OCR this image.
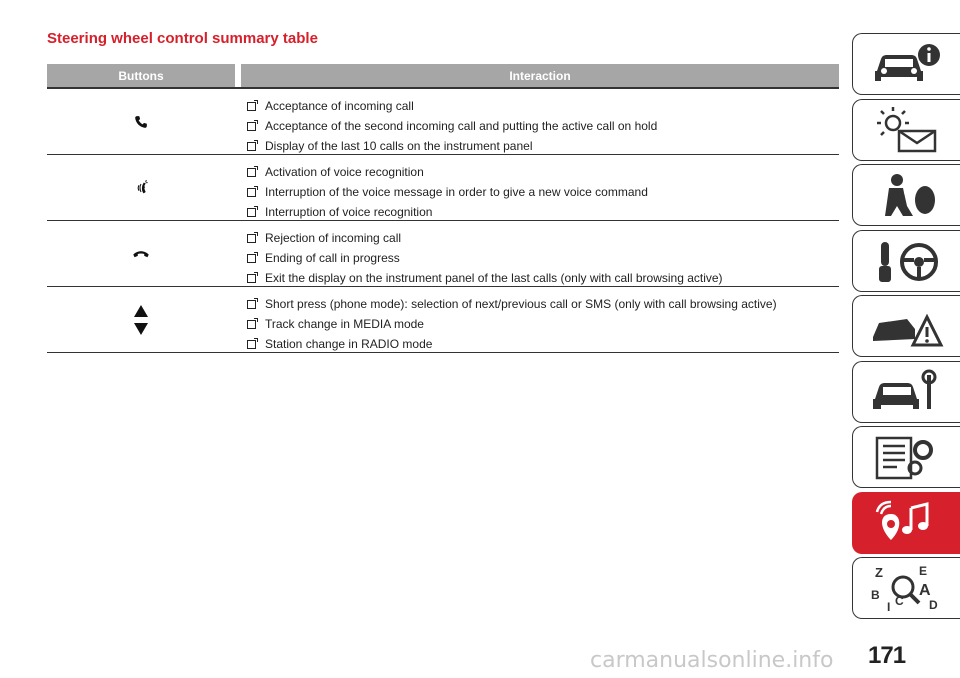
Steering wheel control summary table
Buttons	Interaction
Acceptance of incoming call
Acceptance of the second incoming call and putting the active call on hold
Display of the last 10 calls on the instrument panel
Activation of voice recognition
Interruption of the voice message in order to give a new voice command
Interruption of voice recognition
Rejection of incoming call
Ending of call in progress
Exit the display on the instrument panel of the last calls (only with call browsing active)
Short press (phone mode): selection of next/previous call or SMS (only with call browsing active)
Track change in MEDIA mode
Station change in RADIO mode
Z	E
B A
D
I C
171
carmanualsonline.info
